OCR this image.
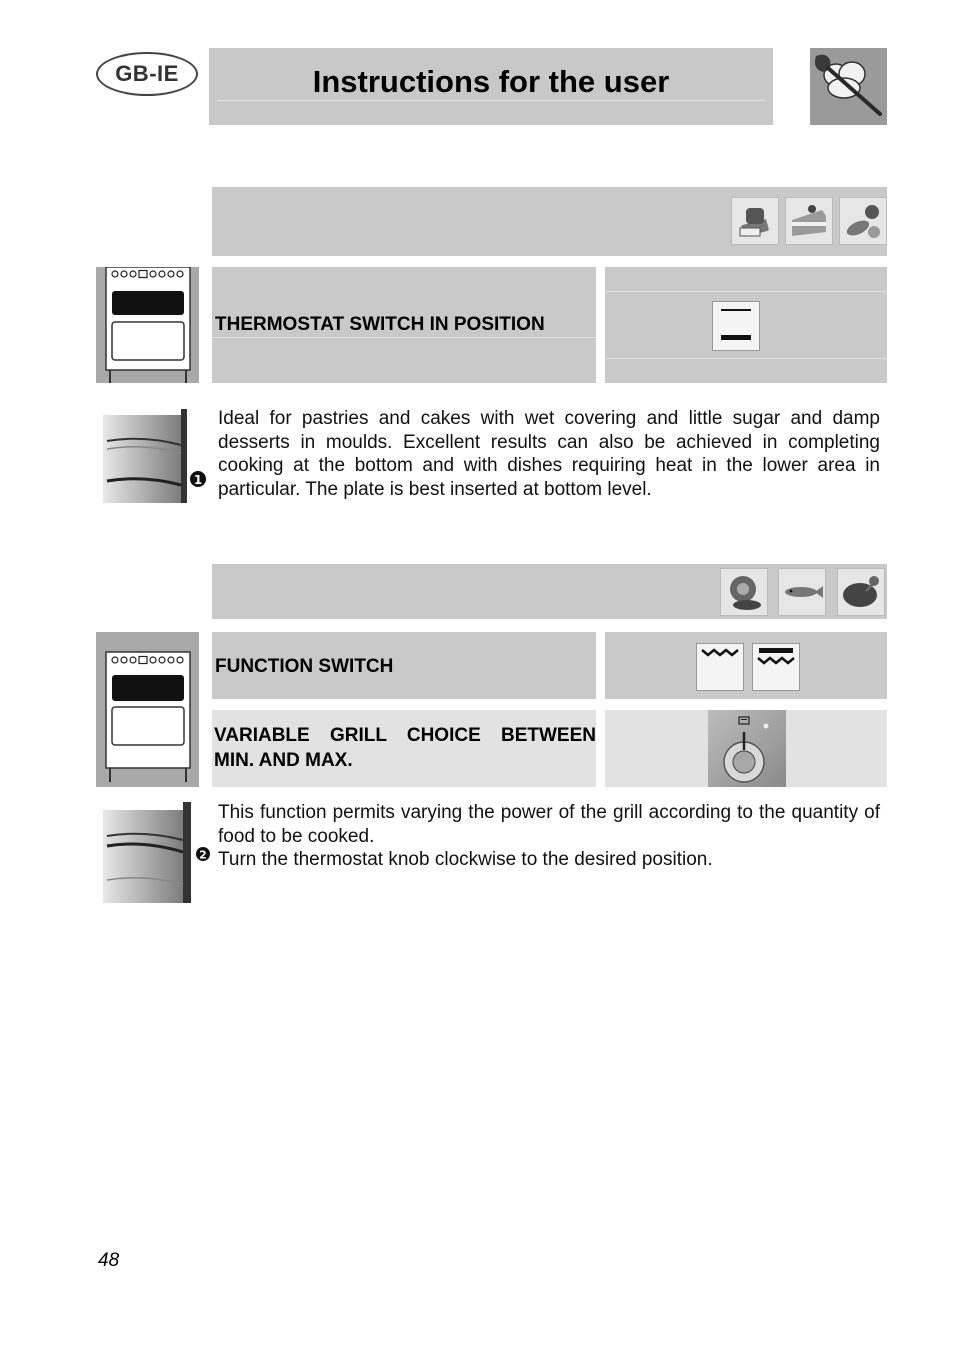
GB-IE	Instructions for the user
THERMOSTAT SWITCH IN POSITION
1
Ideal for pastries and cakes with wet covering and little sugar and damp desserts in moulds. Excellent results can also be achieved in completing cooking at the bottom and with dishes requiring heat in the lower area in particular. The plate is best inserted at bottom level.
FUNCTION SWITCH
VARIABLE GRILL CHOICE BETWEEN MIN. AND MAX.
2
This function permits varying the power of the grill according to the quantity of food to be cooked.
Turn the thermostat knob clockwise to the desired position.
48
